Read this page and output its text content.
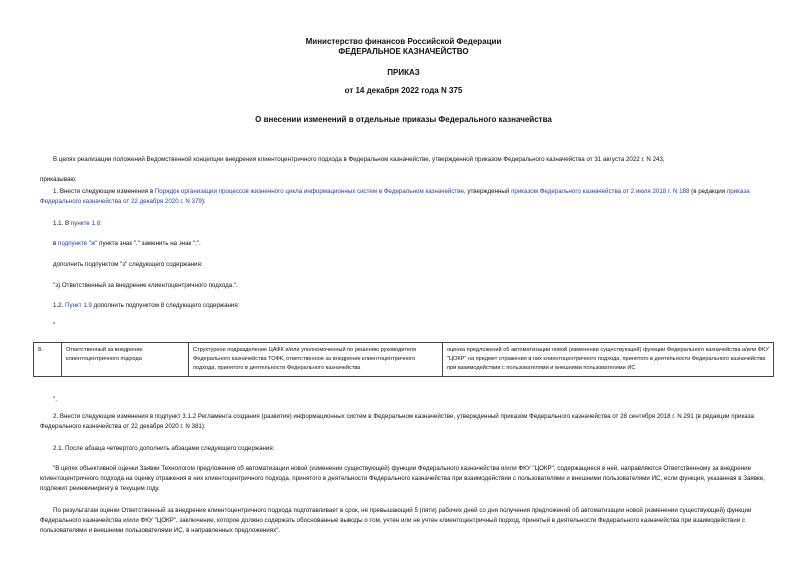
Министерство финансов Российской Федерации
ФЕДЕРАЛЬНОЕ КАЗНАЧЕЙСТВО
ПРИКАЗ
от 14 декабря 2022 года N 375
О внесении изменений в отдельные приказы Федерального казначейства
В целях реализации положений Ведомственной концепции внедрения клиентоцентричного подхода в Федеральном казначействе, утвержденной приказом Федерального казначейства от 31 августа 2022 г. N 243,
приказываю:
1. Внести следующие изменения в Порядок организации процессов жизненного цикла информационных систем в Федеральном казначействе, утвержденный приказом Федерального казначейства от 2 июля 2018 г. N 188 (в редакции приказа Федерального казначейства от 22 декабря 2020 г. N 379):
1.1. В пункте 1.8:
в подпункте "ж" пункта знак "." заменить на знак ";".
дополнить подпунктом "з" следующего содержания:
"з) Ответственный за внедрение клиентоцентричного подхода.".
1.2. Пункт 1.9 дополнить подпунктом 8 следующего содержания:
"
8.	Ответственный за внедрение клиентоцентричного подхода	Структурное подразделение ЦАФК и/или уполномоченный по решению руководителя Федерального казначейства ТОФК, ответственное за внедрение клиентоцентричного подхода, принятого в деятельности Федерального казначейства	оценка предложений об автоматизации новой (изменении существующей) функции Федерального казначейства и/или ФКУ "ЦОКР" на предмет отражения в них клиентоцентричного подхода, принятого в деятельности Федерального казначейства при взаимодействии с пользователями и внешними пользователями ИС
".
2. Внести следующие изменения в подпункт 3.1.2 Регламента создания (развития) информационных систем в Федеральном казначействе, утвержденный приказом Федерального казначейства от 28 сентября 2018 г. N 291 (в редакции приказа Федерального казначейства от 22 декабря 2020 г. N 381):
2.1. После абзаца четвертого дополнить абзацами следующего содержания:
"В целях объективной оценки Заявки Технологом предложения об автоматизации новой (изменении существующей) функции Федерального казначейства и/или ФКУ "ЦОКР", содержащиеся в ней, направляются Ответственному за внедрение клиентоцентричного подхода на оценку отражения в них клиентоцентричного подхода, принятого в деятельности Федерального казначейства при взаимодействии с пользователями и внешними пользователями ИС, если функция, указанная в Заявке, подлежит реинжинирингу в текущем году.
По результатам оценки Ответственный за внедрение клиентоцентричного подхода подготавливает в срок, не превышающий 5 (пяти) рабочих дней со дня получения предложений об автоматизации новой (изменении существующей) функции Федерального казначейства и/или ФКУ "ЦОКР", заключение, которое должно содержать обоснованные выводы о том, учтен или не учтен клиентоцентричный подход, принятый в деятельности Федерального казначейства при взаимодействии с пользователями и внешними пользователями ИС, в направленных предложениях".
